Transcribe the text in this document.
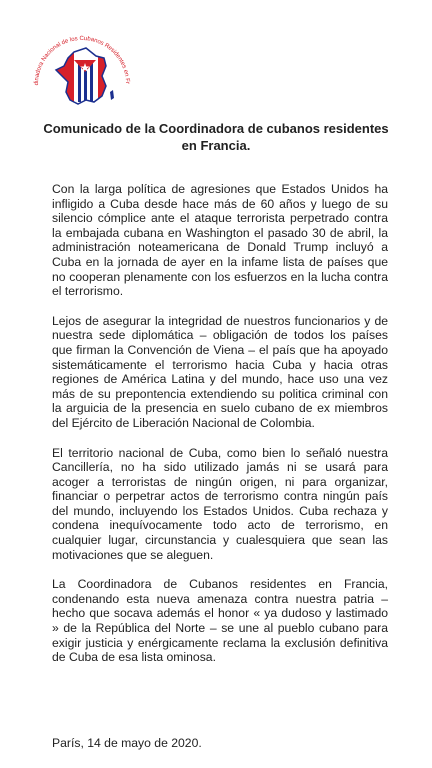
dinadora Nacional de los Cubanos Residentes en Fr
Comunicado de la Coordinadora de cubanos residentes en Francia.

Con la larga política de agresiones que Estados Unidos ha infligido a Cuba desde hace más de 60 años y luego de su silencio cómplice ante el ataque terrorista perpetrado contra la embajada cubana en Washington el pasado 30 de abril, la administración noteamericana de Donald Trump incluyó a Cuba en la jornada de ayer en la infame lista de países que no cooperan plenamente con los esfuerzos en la lucha contra el terrorismo.

Lejos de asegurar la integridad de nuestros funcionarios y de nuestra sede diplomática – obligación de todos los países que firman la Convención de Viena – el país que ha apoyado sistemáticamente el terrorismo hacia Cuba y hacia otras regiones de América Latina y del mundo, hace uso una vez más de su prepontencia extendiendo su politica criminal con la arguicia de la presencia en suelo cubano de ex miembros del Ejército de Liberación Nacional de Colombia.

El territorio nacional de Cuba, como bien lo señaló nuestra Cancillería, no ha sido utilizado jamás ni se usará para acoger a terroristas de ningún origen, ni para organizar, financiar o perpetrar actos de terrorismo contra ningún país del mundo, incluyendo los Estados Unidos. Cuba rechaza y condena inequívocamente todo acto de terrorismo, en cualquier lugar, circunstancia y cualesquiera que sean las motivaciones que se aleguen.

La Coordinadora de Cubanos residentes en Francia, condenando esta nueva amenaza contra nuestra patria – hecho que socava además el honor « ya dudoso y lastimado » de la República del Norte – se une al pueblo cubano para exigir justicia y enérgicamente reclama la exclusión definitiva de Cuba de esa lista ominosa.

París, 14 de mayo de 2020.
